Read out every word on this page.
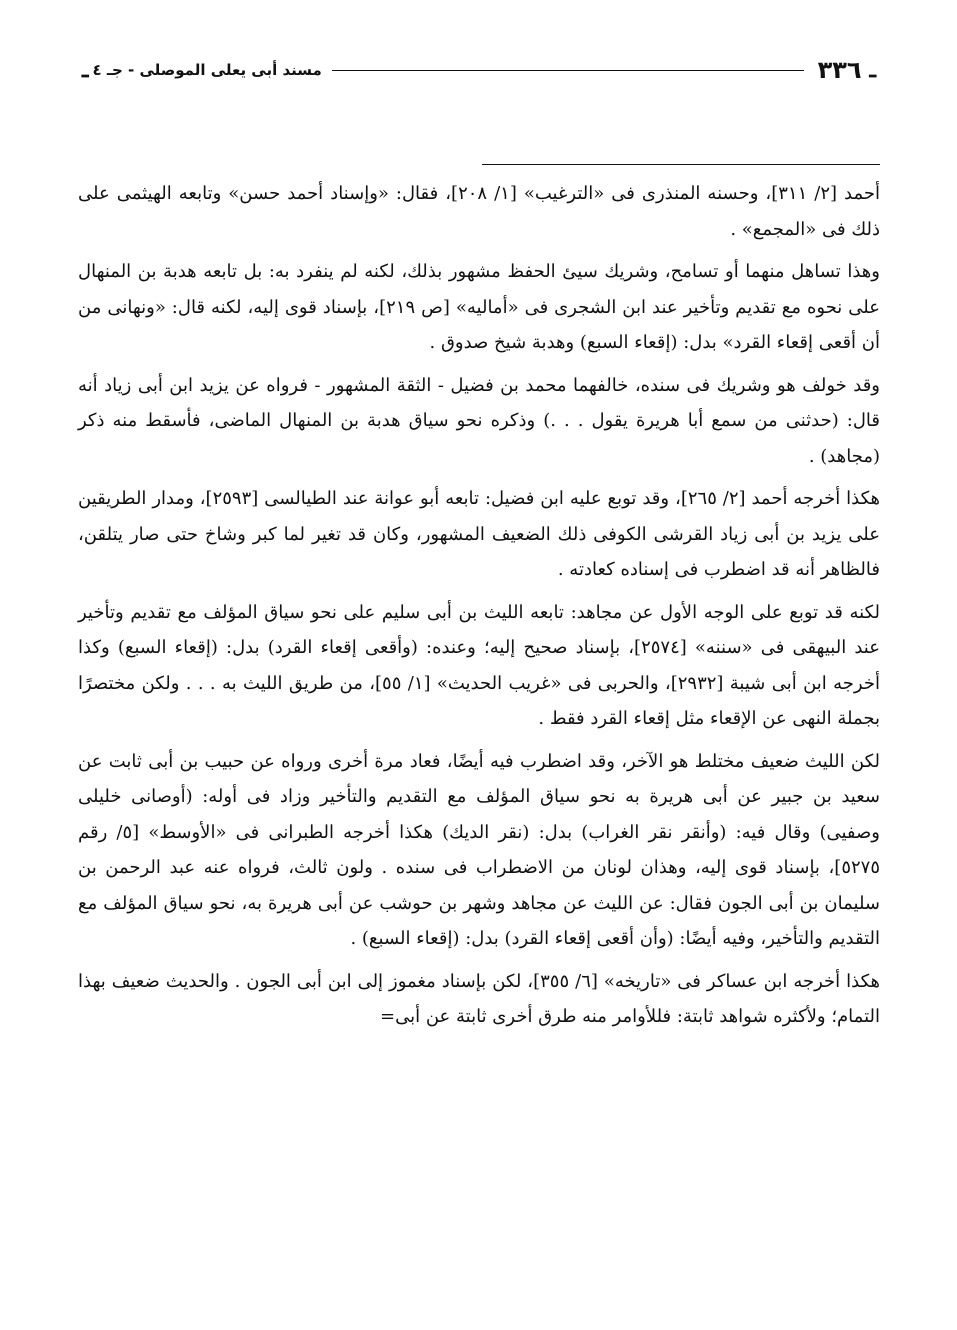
ـ
٣٣٦
مسند أبى يعلى الموصلى - جـ ٤
ـ

أحمد [٢/ ٣١١]، وحسنه المنذرى فى «الترغيب» [١/ ٢٠٨]، فقال: «وإسناد أحمد حسن» وتابعه الهيثمى على ذلك فى «المجمع» .

وهذا تساهل منهما أو تسامح، وشريك سيئ الحفظ مشهور بذلك، لكنه لم ينفرد به: بل تابعه هدبة بن المنهال على نحوه مع تقديم وتأخير عند ابن الشجرى فى «أماليه» [ص ٢١٩]، بإسناد قوى إليه، لكنه قال: «ونهانى من أن أقعى إقعاء القرد» بدل: (إقعاء السبع) وهدبة شيخ صدوق .

وقد خولف هو وشريك فى سنده، خالفهما محمد بن فضيل - الثقة المشهور - فرواه عن يزيد ابن أبى زياد أنه قال: (حدثنى من سمع أبا هريرة يقول . . .) وذكره نحو سياق هدبة بن المنهال الماضى، فأسقط منه ذكر (مجاهد) .

هكذا أخرجه أحمد [٢/ ٢٦٥]، وقد توبع عليه ابن فضيل: تابعه أبو عوانة عند الطيالسى [٢٥٩٣]، ومدار الطريقين على يزيد بن أبى زياد القرشى الكوفى ذلك الضعيف المشهور، وكان قد تغير لما كبر وشاخ حتى صار يتلقن، فالظاهر أنه قد اضطرب فى إسناده كعادته .

لكنه قد توبع على الوجه الأول عن مجاهد: تابعه الليث بن أبى سليم على نحو سياق المؤلف مع تقديم وتأخير عند البيهقى فى «سننه» [٢٥٧٤]، بإسناد صحيح إليه؛ وعنده: (وأقعى إقعاء القرد) بدل: (إقعاء السبع) وكذا أخرجه ابن أبى شيبة [٢٩٣٢]، والحربى فى «غريب الحديث» [١/ ٥٥]، من طريق الليث به . . . ولكن مختصرًا بجملة النهى عن الإقعاء مثل إقعاء القرد فقط .

لكن الليث ضعيف مختلط هو الآخر، وقد اضطرب فيه أيضًا، فعاد مرة أخرى ورواه عن حبيب بن أبى ثابت عن سعيد بن جبير عن أبى هريرة به نحو سياق المؤلف مع التقديم والتأخير وزاد فى أوله: (أوصانى خليلى وصفيى) وقال فيه: (وأنقر نقر الغراب) بدل: (نقر الديك) هكذا أخرجه الطبرانى فى «الأوسط» [٥/ رقم ٥٢٧٥]، بإسناد قوى إليه، وهذان لونان من الاضطراب فى سنده . ولون ثالث، فرواه عنه عبد الرحمن بن سليمان بن أبى الجون فقال: عن الليث عن مجاهد وشهر بن حوشب عن أبى هريرة به، نحو سياق المؤلف مع التقديم والتأخير، وفيه أيضًا: (وأن أقعى إقعاء القرد) بدل: (إقعاء السبع) .

هكذا أخرجه ابن عساكر فى «تاريخه» [٦/ ٣٥٥]، لكن بإسناد مغموز إلى ابن أبى الجون . والحديث ضعيف بهذا التمام؛ ولأكثره شواهد ثابتة: فللأوامر منه طرق أخرى ثابتة عن أبى=
